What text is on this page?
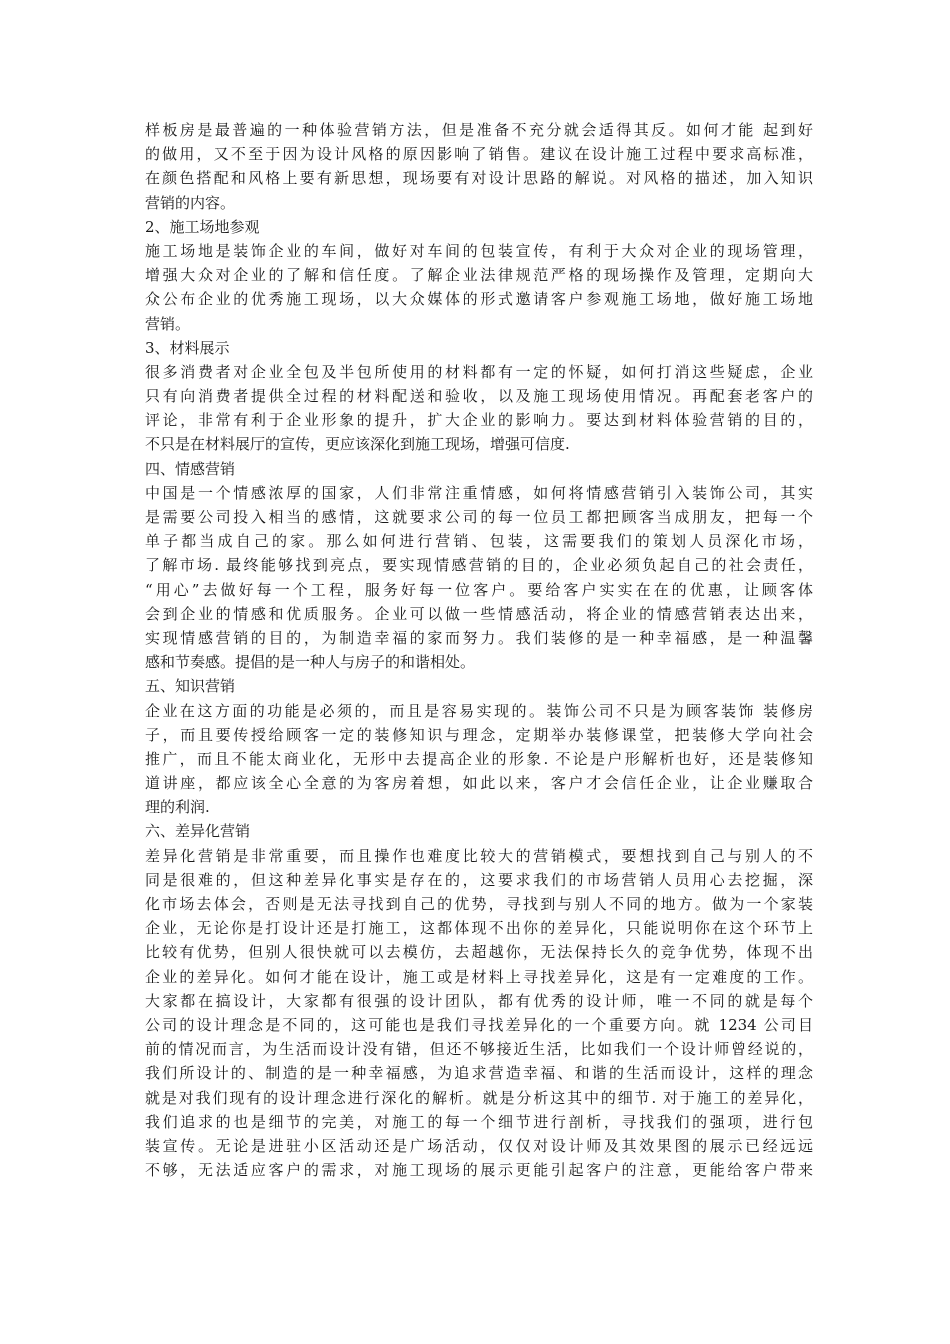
样板房是最普遍的一种体验营销方法，但是准备不充分就会适得其反。如何才能 起到好
的做用，又不至于因为设计风格的原因影响了销售。建议在设计施工过程中要求高标准，
在颜色搭配和风格上要有新思想，现场要有对设计思路的解说。对风格的描述，加入知识
营销的内容。
2、施工场地参观
施工场地是装饰企业的车间，做好对车间的包装宣传，有利于大众对企业的现场管理，
增强大众对企业的了解和信任度。了解企业法律规范严格的现场操作及管理，定期向大
众公布企业的优秀施工现场，以大众媒体的形式邀请客户参观施工场地，做好施工场地
营销。
3、材料展示
很多消费者对企业全包及半包所使用的材料都有一定的怀疑，如何打消这些疑虑，企业
只有向消费者提供全过程的材料配送和验收，以及施工现场使用情况。再配套老客户的
评论，非常有利于企业形象的提升，扩大企业的影响力。要达到材料体验营销的目的，
不只是在材料展厅的宣传，更应该深化到施工现场，增强可信度.
四、情感营销
中国是一个情感浓厚的国家，人们非常注重情感，如何将情感营销引入装饰公司，其实
是需要公司投入相当的感情，这就要求公司的每一位员工都把顾客当成朋友，把每一个
单子都当成自己的家。那么如何进行营销、包装，这需要我们的策划人员深化市场，
了解市场. 最终能够找到亮点，要实现情感营销的目的，企业必须负起自己的社会责任，
“用心”去做好每一个工程，服务好每一位客户。要给客户实实在在的优惠，让顾客体
会到企业的情感和优质服务。企业可以做一些情感活动，将企业的情感营销表达出来，
实现情感营销的目的，为制造幸福的家而努力。我们装修的是一种幸福感，是一种温馨
感和节奏感。提倡的是一种人与房子的和谐相处。
五、知识营销
企业在这方面的功能是必须的，而且是容易实现的。装饰公司不只是为顾客装饰 装修房
子，而且要传授给顾客一定的装修知识与理念，定期举办装修课堂，把装修大学向社会
推广，而且不能太商业化，无形中去提高企业的形象. 不论是户形解析也好，还是装修知
道讲座，都应该全心全意的为客房着想，如此以来，客户才会信任企业，让企业赚取合
理的利润.
六、差异化营销
差异化营销是非常重要，而且操作也难度比较大的营销模式，要想找到自己与别人的不
同是很难的，但这种差异化事实是存在的，这要求我们的市场营销人员用心去挖掘，深
化市场去体会，否则是无法寻找到自己的优势，寻找到与别人不同的地方。做为一个家装
企业，无论你是打设计还是打施工，这都体现不出你的差异化，只能说明你在这个环节上
比较有优势，但别人很快就可以去模仿，去超越你，无法保持长久的竞争优势，体现不出
企业的差异化。如何才能在设计，施工或是材料上寻找差异化，这是有一定难度的工作。
大家都在搞设计，大家都有很强的设计团队，都有优秀的设计师，唯一不同的就是每个
公司的设计理念是不同的，这可能也是我们寻找差异化的一个重要方向。就 1234 公司目
前的情况而言，为生活而设计没有错，但还不够接近生活，比如我们一个设计师曾经说的，
我们所设计的、制造的是一种幸福感，为追求营造幸福、和谐的生活而设计，这样的理念
就是对我们现有的设计理念进行深化的解析。就是分析这其中的细节. 对于施工的差异化，
我们追求的也是细节的完美，对施工的每一个细节进行剖析，寻找我们的强项，进行包
装宣传。无论是进驻小区活动还是广场活动，仅仅对设计师及其效果图的展示已经远远
不够，无法适应客户的需求，对施工现场的展示更能引起客户的注意，更能给客户带来
